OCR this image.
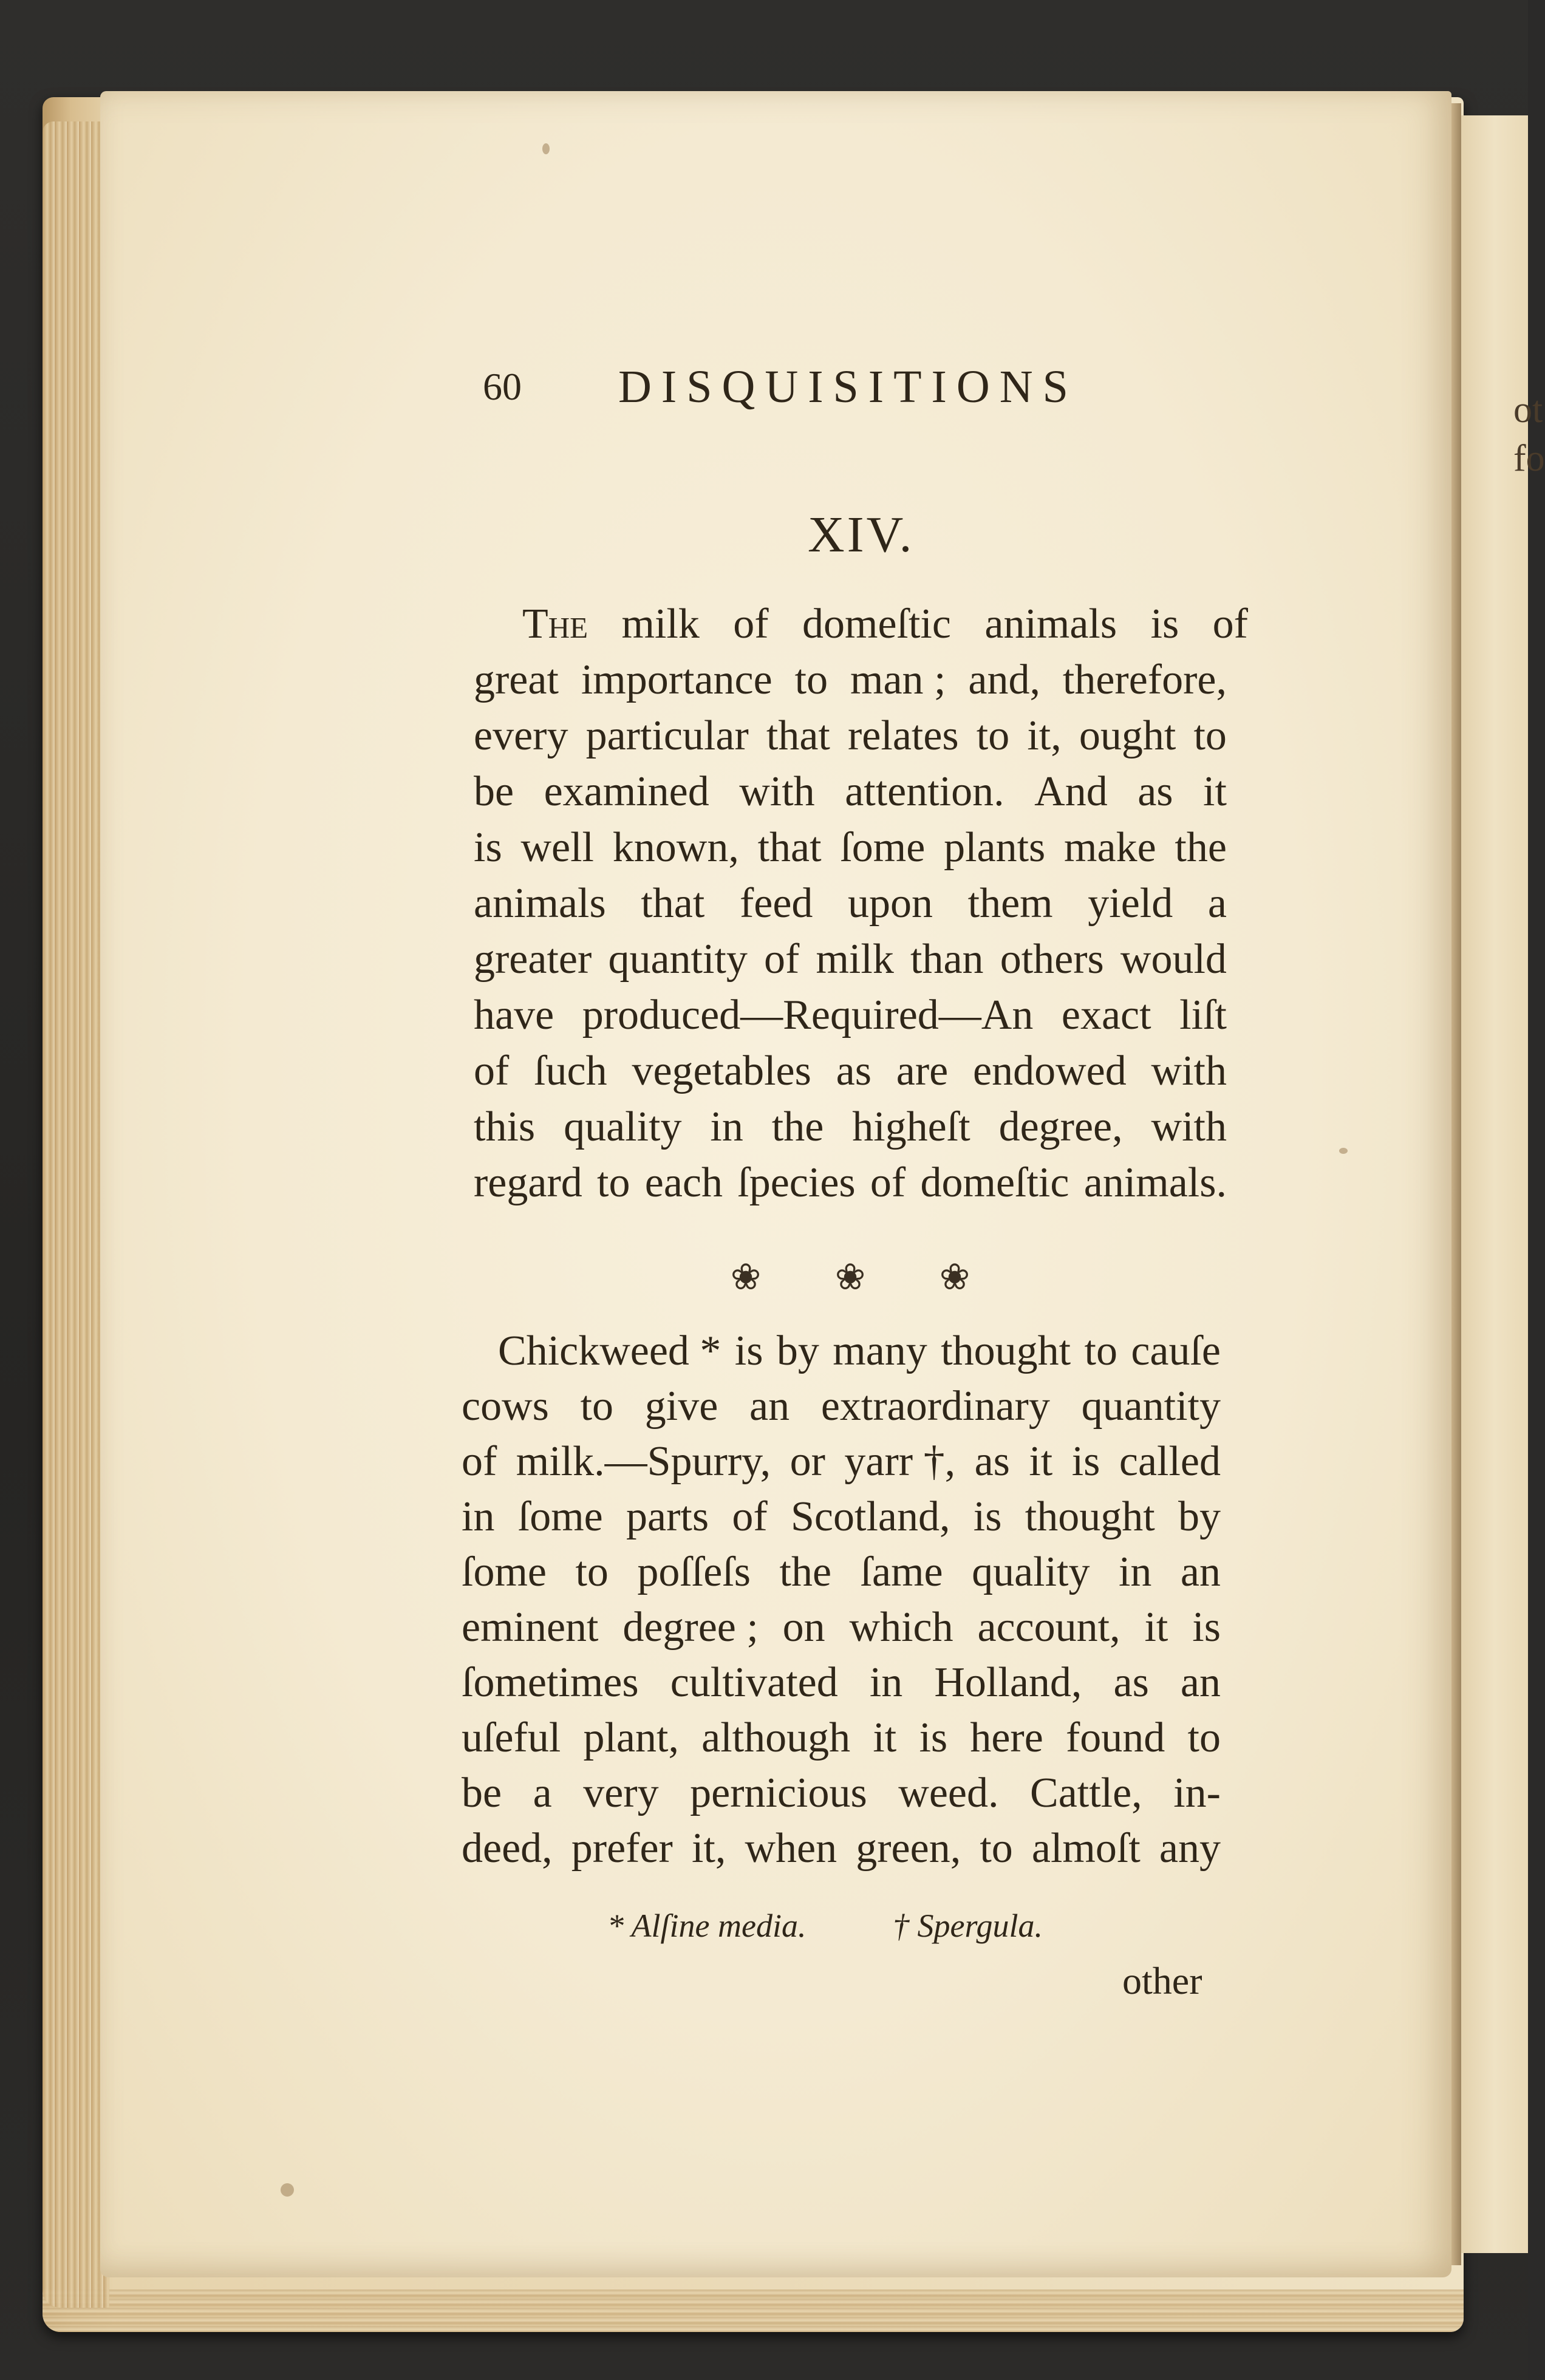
ot
fo
60 DISQUISITIONS
XIV.
The milk of domeſtic animals is of
great importance to man ; and, therefore,
every particular that relates to it, ought to
be examined with attention. And as it
is well known, that ſome plants make the
animals that feed upon them yield a
greater quantity of milk than others would
have produced—Required—An exact liſt
of ſuch vegetables as are endowed with
this quality in the higheſt degree, with
regard to each ſpecies of domeſtic animals.
❀ ❀ ❀
Chickweed * is by many thought to cauſe
cows to give an extraordinary quantity
of milk.—Spurry, or yarr †, as it is called
in ſome parts of Scotland, is thought by
ſome to poſſeſs the ſame quality in an
eminent degree ; on which account, it is
ſometimes cultivated in Holland, as an
uſeful plant, although it is here found to
be a very pernicious weed. Cattle, in-
deed, prefer it, when green, to almoſt any
* Alſine media.	† Spergula.
other
